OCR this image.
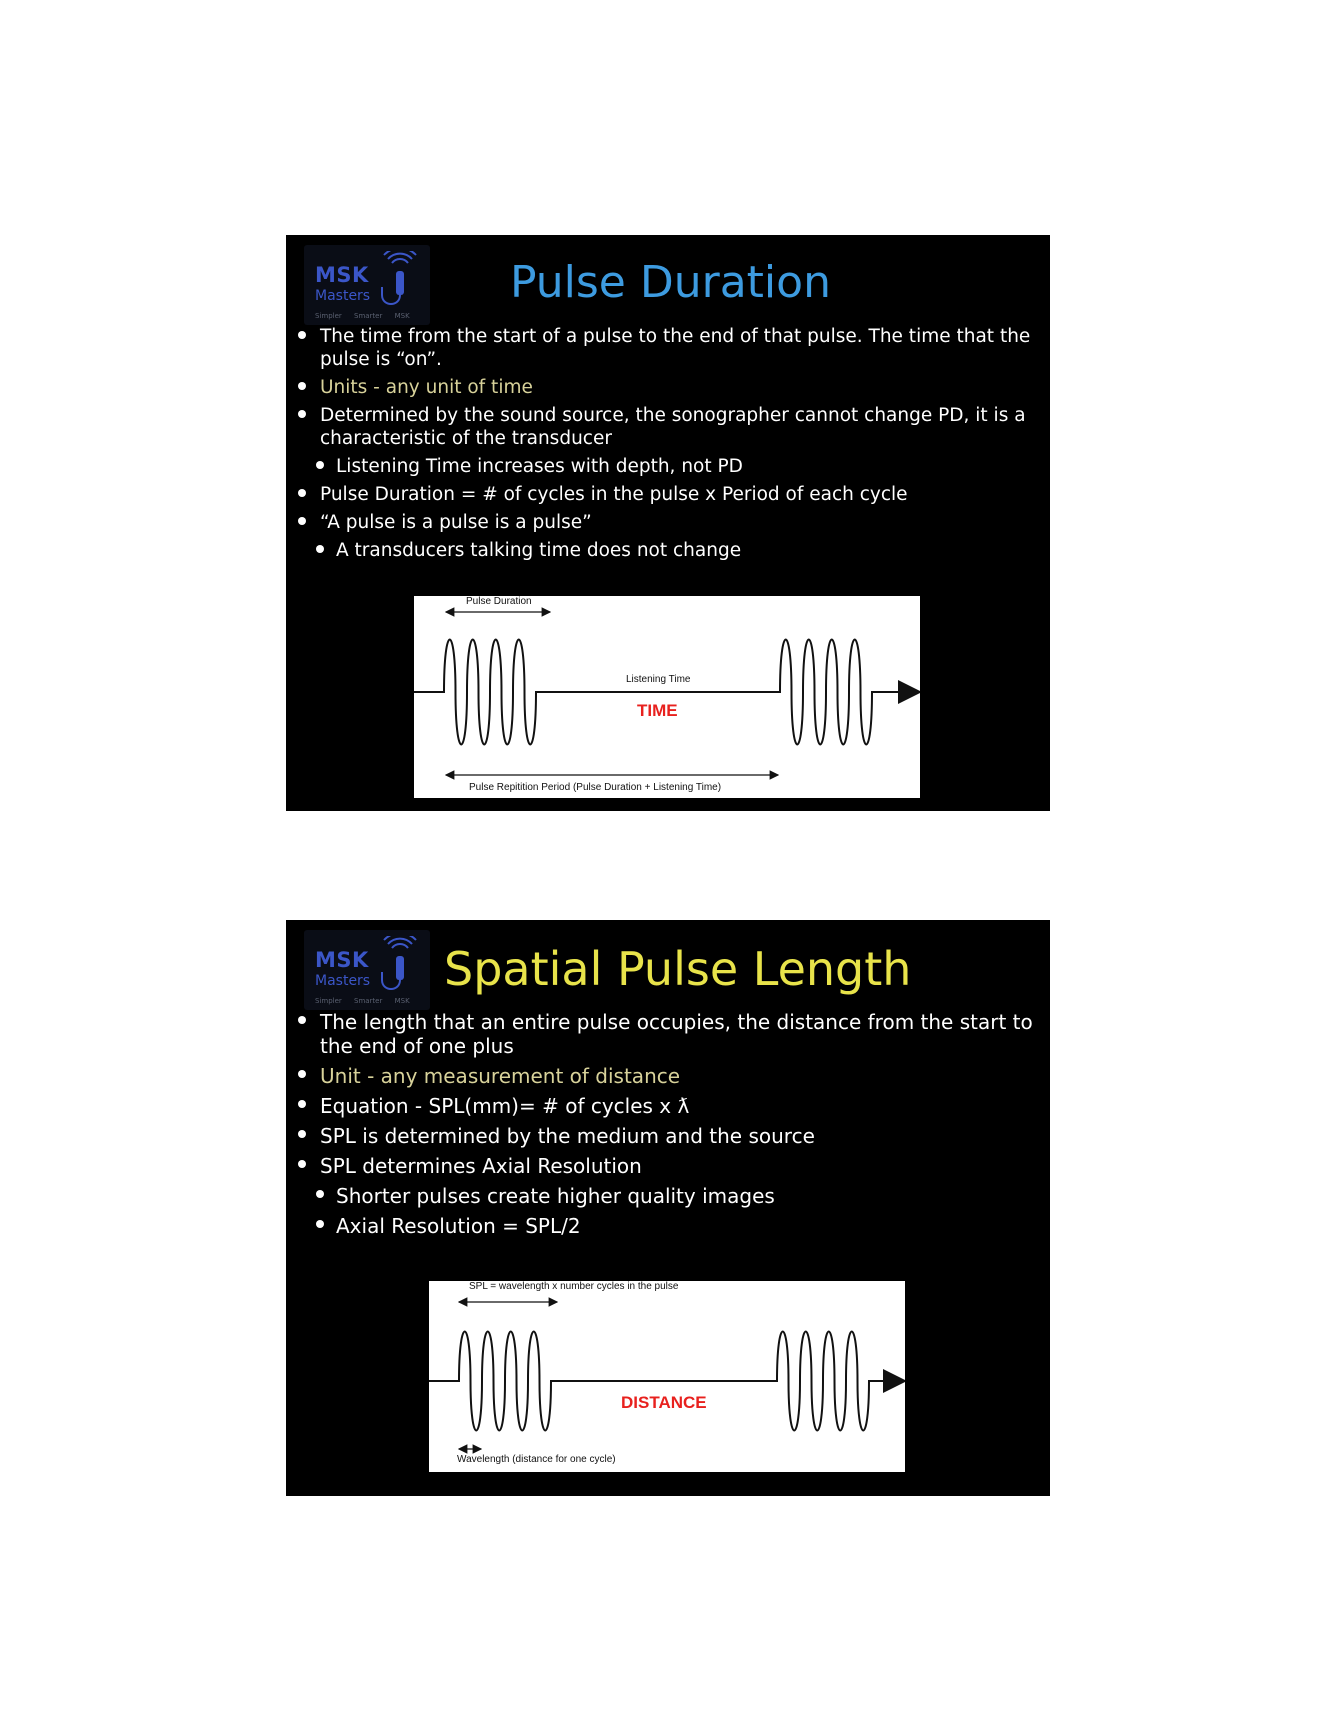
MSK
Masters
Simpler Smarter MSK
Pulse Duration
The time from the start of a pulse to the end of that pulse. The time that the pulse is “on”.
Units - any unit of time
Determined by the sound source, the sonographer cannot change PD, it is a characteristic of the transducer
Listening Time increases with depth, not PD
Pulse Duration = # of cycles in the pulse x Period of each cycle
“A pulse is a pulse is a pulse”
A transducers talking time does not change
Pulse Duration
Listening Time
TIME
Pulse Repitition Period (Pulse Duration + Listening Time)
MSK
Masters
Simpler Smarter MSK
Spatial Pulse Length
The length that an entire pulse occupies, the distance from the start to the end of one plus
Unit - any measurement of distance
Equation - SPL(mm)= # of cycles x ƛ
SPL is determined by the medium and the source
SPL determines Axial Resolution
Shorter pulses create higher quality images
Axial Resolution = SPL/2
SPL = wavelength x number cycles in the pulse
DISTANCE
Wavelength (distance for one cycle)
